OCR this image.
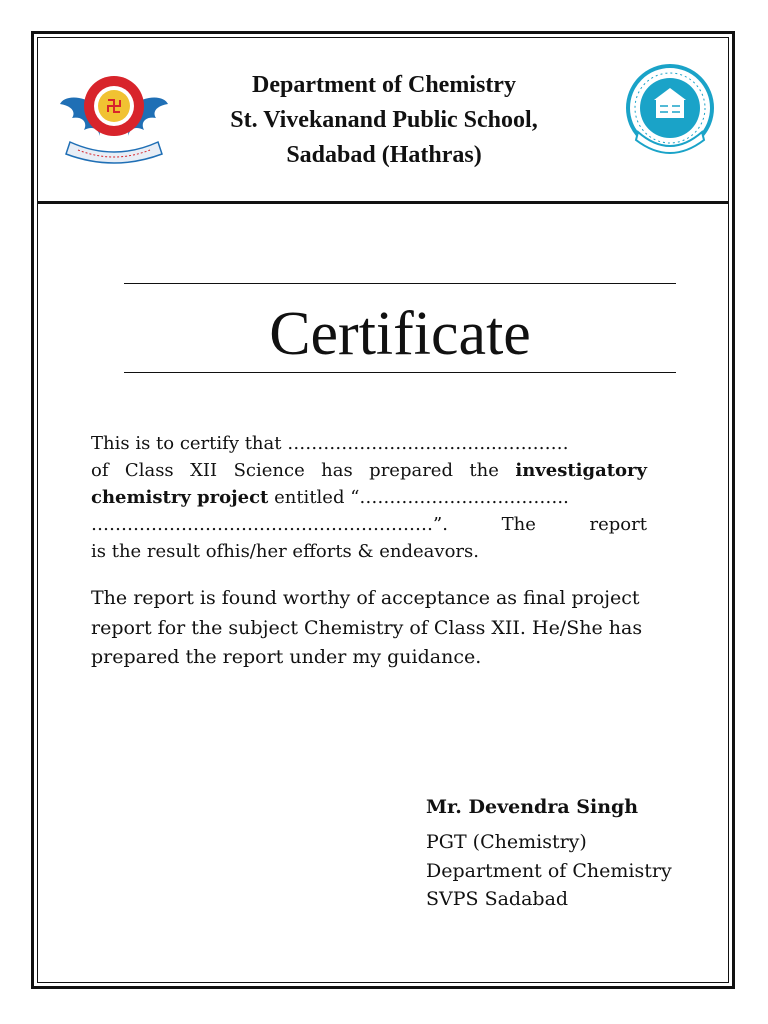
Department of Chemistry
St. Vivekanand Public School,
Sadabad (Hathras)
Certificate
This is to certify that ……………………………..…………
of Class XII Science has prepared the investigatory
chemistry project entitled “……………………………..
…………………………………………………”.	The report
is the result ofhis/her efforts & endeavors.
The report is found worthy of acceptance as final project
report for the subject Chemistry of Class XII. He/She has
prepared the report under my guidance.
Mr. Devendra Singh
PGT (Chemistry)
Department of Chemistry
SVPS Sadabad
